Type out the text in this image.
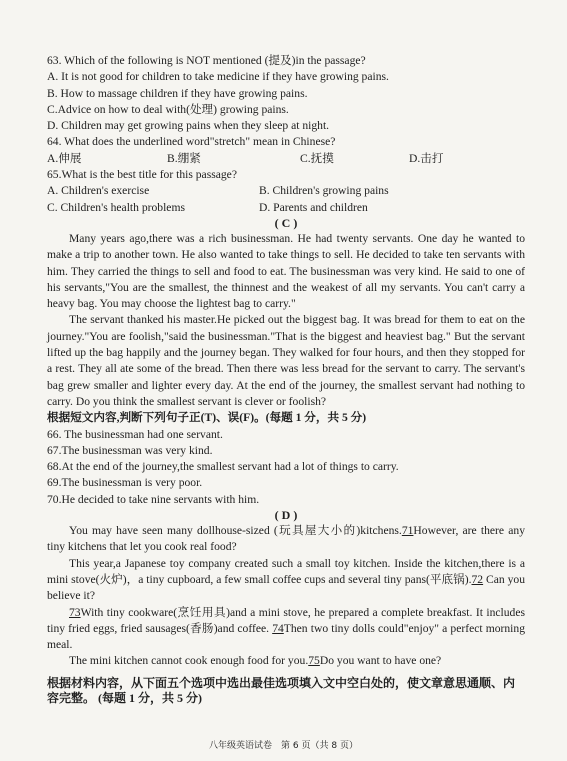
63. Which of the following is NOT mentioned (提及)in the passage?
A. It is not good for children to take medicine if they have growing pains.
B. How to massage children if they have growing pains.
C.Advice on how to deal with(处理) growing pains.
D. Children may get growing pains when they sleep at night.
64. What does the underlined word"stretch" mean in Chinese?
A.伸展	B.绷紧	C.抚摸	D.击打
65.What is the best title for this passage?
A. Children's exercise	B. Children's growing pains
C. Children's health problems	D. Parents and children
( C )

Many years ago,there was a rich businessman. He had twenty servants. One day he wanted to make a trip to another town. He also wanted to take things to sell. He decided to take ten servants with him. They carried the things to sell and food to eat. The businessman was very kind. He said to one of his servants,"You are the smallest, the thinnest and the weakest of all my servants. You can't carry a heavy bag. You may choose the lightest bag to carry."

The servant thanked his master.He picked out the biggest bag. It was bread for them to eat on the journey."You are foolish,"said the businessman."That is the biggest and heaviest bag." But the servant lifted up the bag happily and the journey began. They walked for four hours, and then they stopped for a rest. They all ate some of the bread. Then there was less bread for the servant to carry. The servant's bag grew smaller and lighter every day. At the end of the journey, the smallest servant had nothing to carry. Do you think the smallest servant is clever or foolish?

根据短文内容,判断下列句子正(T)、误(F)。(每题 1 分，共 5 分)
66. The businessman had one servant.
67.The businessman was very kind.
68.At the end of the journey,the smallest servant had a lot of things to carry.
69.The businessman is very poor.
70.He decided to take nine servants with him.
( D )

You may have seen many dollhouse-sized (玩具屋大小的)kitchens.71However, are there any tiny kitchens that let you cook real food?

This year,a Japanese toy company created such a small toy kitchen. Inside the kitchen,there is a mini stove(火炉)，a tiny cupboard, a few small coffee cups and several tiny pans(平底锅).72 Can you believe it?

73With tiny cookware(烹饪用具)and a mini stove, he prepared a complete breakfast. It includes tiny fried eggs, fried sausages(香肠)and coffee. 74Then two tiny dolls could"enjoy" a perfect morning meal.

The mini kitchen cannot cook enough food for you.75Do you want to have one?

根据材料内容，从下面五个选项中选出最佳选项填入文中空白处的，使文章意思通顺、内容完整。 (每题 1 分，共 5 分)

八年级英语试卷　第 6 页（共 8 页）
